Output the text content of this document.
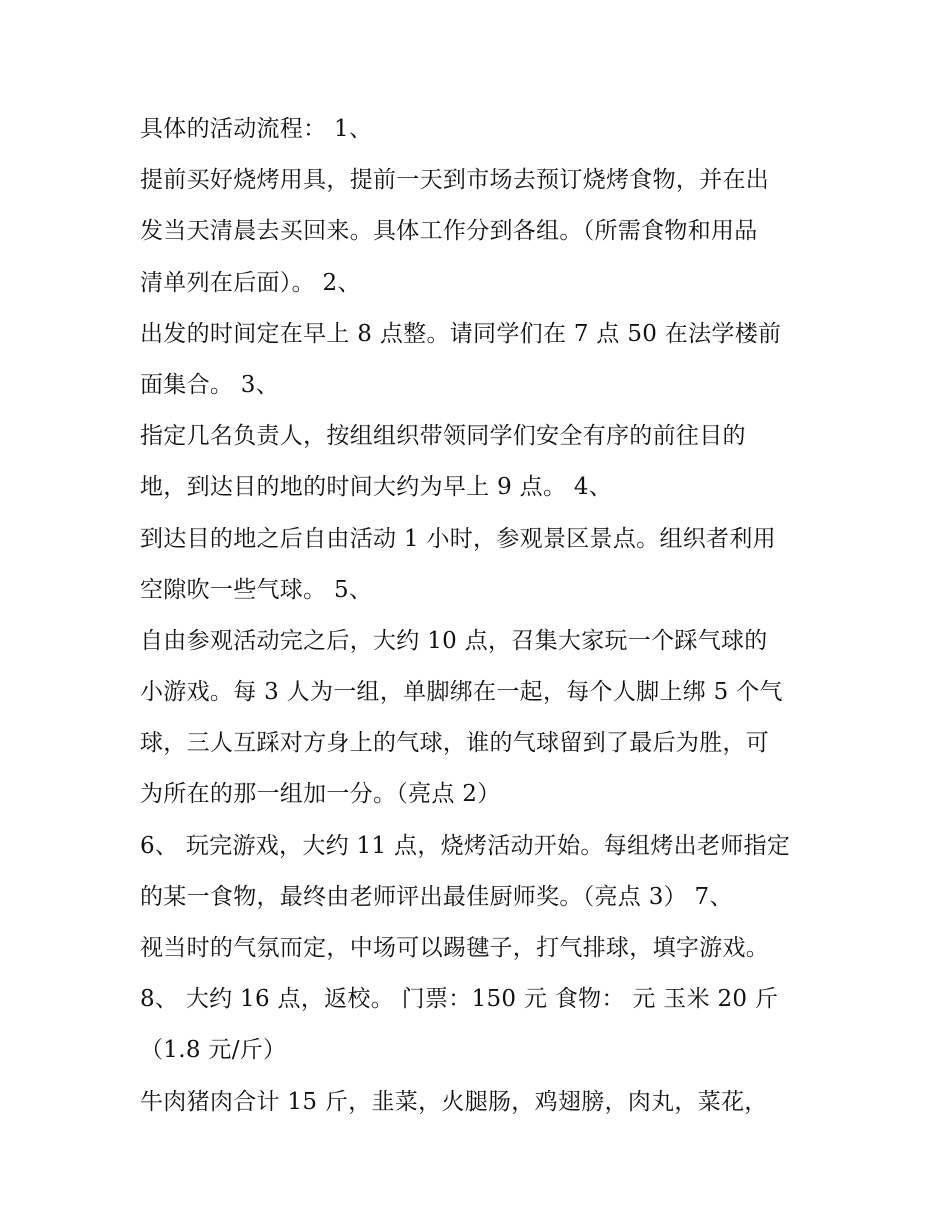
具体的活动流程： 1、
提前买好烧烤用具，提前一天到市场去预订烧烤食物，并在出
发当天清晨去买回来。具体工作分到各组。（所需食物和用品
清单列在后面）。 2、
出发的时间定在早上 8 点整。请同学们在 7 点 50 在法学楼前
面集合。 3、
指定几名负责人，按组组织带领同学们安全有序的前往目的
地，到达目的地的时间大约为早上 9 点。 4、
到达目的地之后自由活动 1 小时，参观景区景点。组织者利用
空隙吹一些气球。 5、
自由参观活动完之后，大约 10 点，召集大家玩一个踩气球的
小游戏。每 3 人为一组，单脚绑在一起，每个人脚上绑 5 个气
球，三人互踩对方身上的气球，谁的气球留到了最后为胜，可
为所在的那一组加一分。（亮点 2）
6、 玩完游戏，大约 11 点，烧烤活动开始。每组烤出老师指定
的某一食物，最终由老师评出最佳厨师奖。（亮点 3） 7、
视当时的气氛而定，中场可以踢毽子，打气排球，填字游戏。
8、 大约 16 点，返校。 门票：150 元 食物： 元 玉米 20 斤
（1.8 元/斤）
牛肉猪肉合计 15 斤，韭菜，火腿肠，鸡翅膀，肉丸，菜花，
